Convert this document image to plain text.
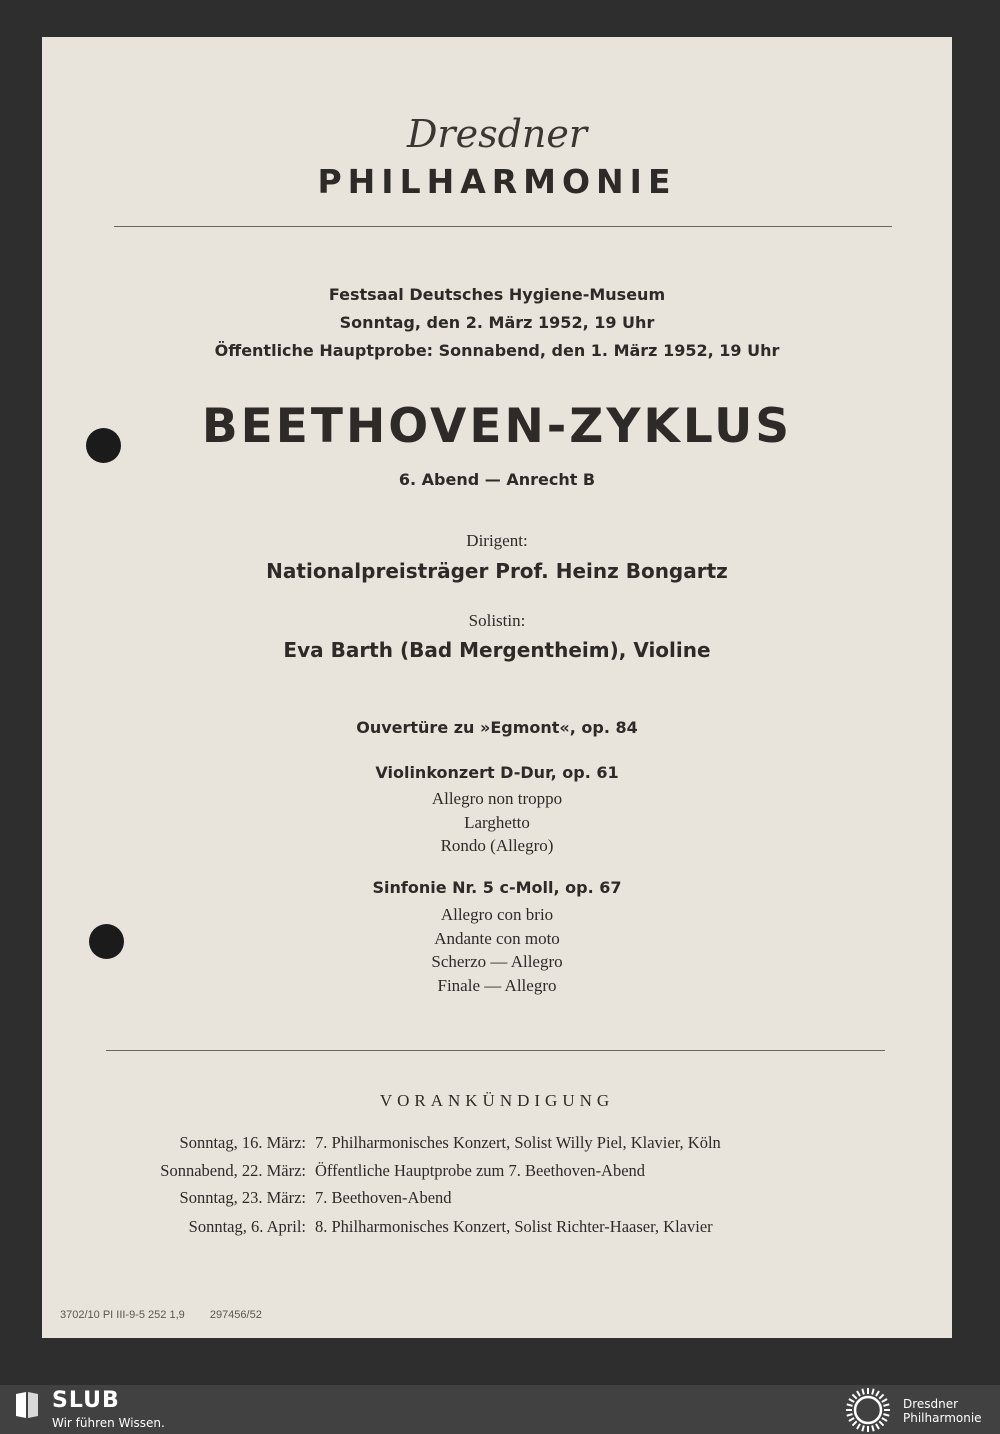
Dresdner
PHILHARMONIE
Festsaal Deutsches Hygiene-Museum
Sonntag, den 2. März 1952, 19 Uhr
Öffentliche Hauptprobe: Sonnabend, den 1. März 1952, 19 Uhr
BEETHOVEN-ZYKLUS
6. Abend — Anrecht B
Dirigent:
Nationalpreisträger Prof. Heinz Bongartz
Solistin:
Eva Barth (Bad Mergentheim), Violine
Ouvertüre zu »Egmont«, op. 84
Violinkonzert D-Dur, op. 61
Allegro non troppo
Larghetto
Rondo (Allegro)
Sinfonie Nr. 5 c-Moll, op. 67
Allegro con brio
Andante con moto
Scherzo — Allegro
Finale — Allegro
VORANKÜNDIGUNG
Sonntag, 16. März: 7. Philharmonisches Konzert, Solist Willy Piel, Klavier, Köln
Sonnabend, 22. März: Öffentliche Hauptprobe zum 7. Beethoven-Abend
Sonntag, 23. März: 7. Beethoven-Abend
Sonntag, 6. April: 8. Philharmonisches Konzert, Solist Richter-Haaser, Klavier
3702/10 PI III-9-5 252 1,9 297456/52
SLUB
Wir führen Wissen.
Dresdner
Philharmonie
